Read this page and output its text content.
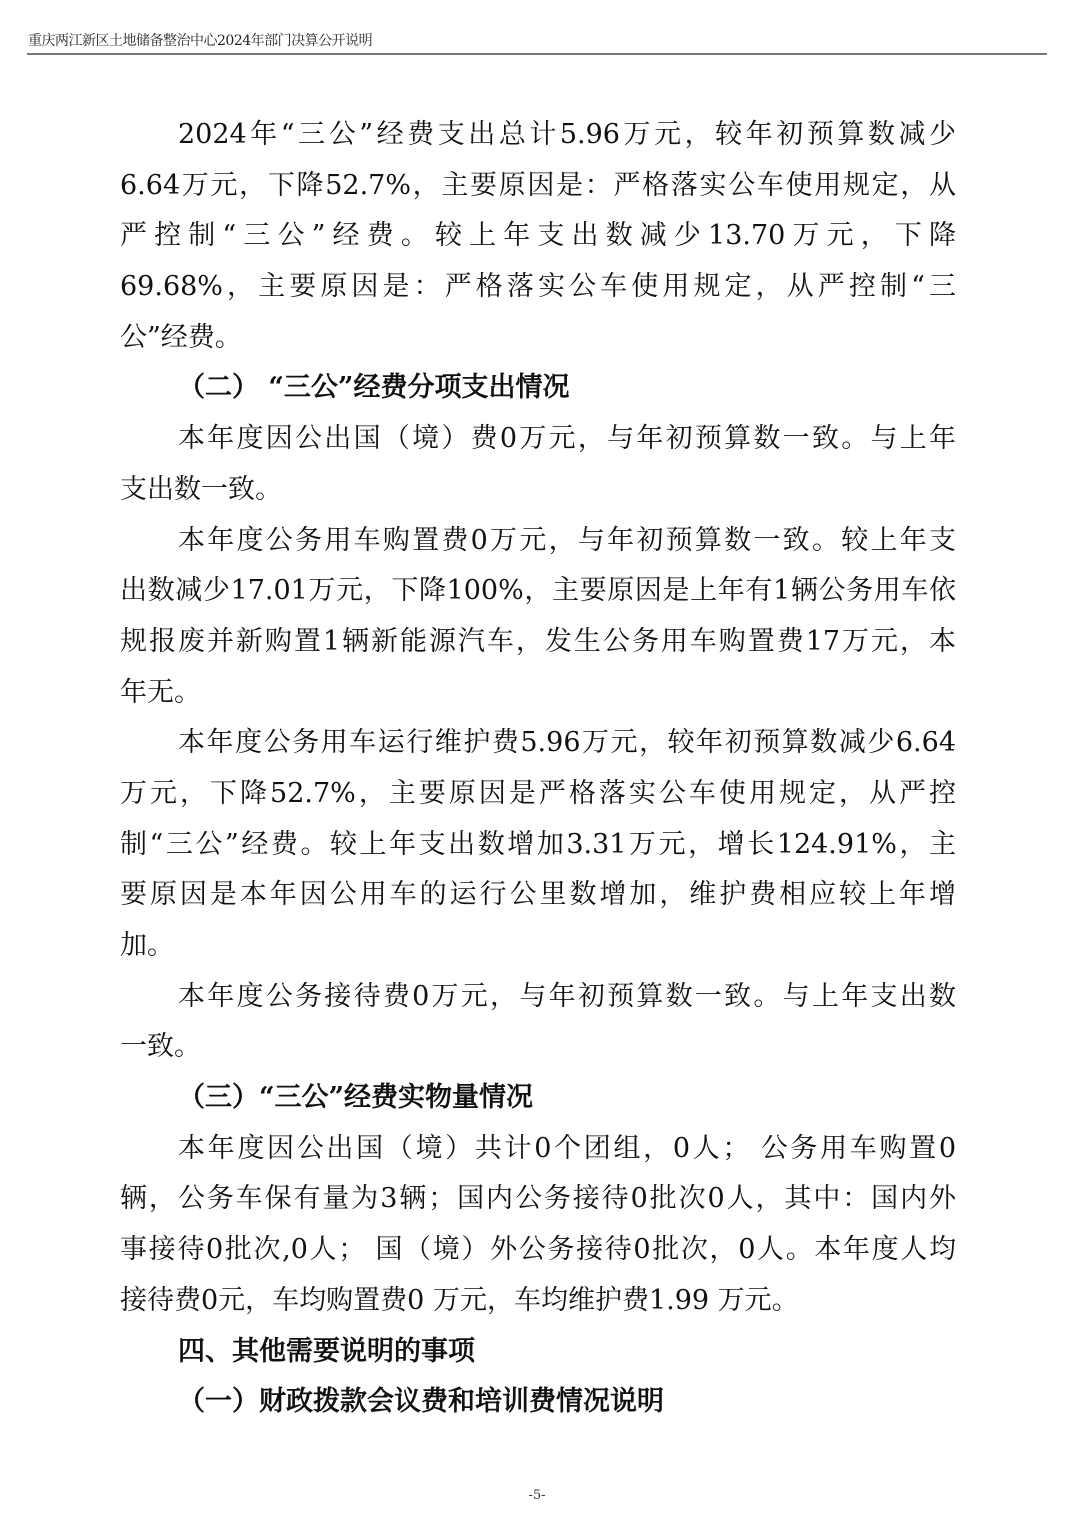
重庆两江新区土地储备整治中心2024年部门决算公开说明
2024年“三公”经费支出总计5.96万元，较年初预算数减少
6.64万元，下降52.7%，主要原因是：严格落实公车使用规定，从
严控制“三公”经费。较上年支出数减少13.70万元，下降
69.68%，主要原因是：严格落实公车使用规定，从严控制“三
公”经费。
（二） “三公”经费分项支出情况
本年度因公出国（境）费0万元，与年初预算数一致。与上年
支出数一致。
本年度公务用车购置费0万元，与年初预算数一致。较上年支
出数减少17.01万元，下降100%，主要原因是上年有1辆公务用车依
规报废并新购置1辆新能源汽车，发生公务用车购置费17万元，本
年无。
本年度公务用车运行维护费5.96万元，较年初预算数减少6.64
万元，下降52.7%，主要原因是严格落实公车使用规定，从严控
制“三公”经费。较上年支出数增加3.31万元，增长124.91%，主
要原因是本年因公用车的运行公里数增加，维护费相应较上年增
加。
本年度公务接待费0万元，与年初预算数一致。与上年支出数
一致。
（三）“三公”经费实物量情况
本年度因公出国（境）共计0个团组，0人； 公务用车购置0
辆，公务车保有量为3辆；国内公务接待0批次0人，其中：国内外
事接待0批次,0人； 国（境）外公务接待0批次，0人。本年度人均
接待费0元，车均购置费0 万元，车均维护费1.99 万元。
四、其他需要说明的事项
（一）财政拨款会议费和培训费情况说明
-5-
